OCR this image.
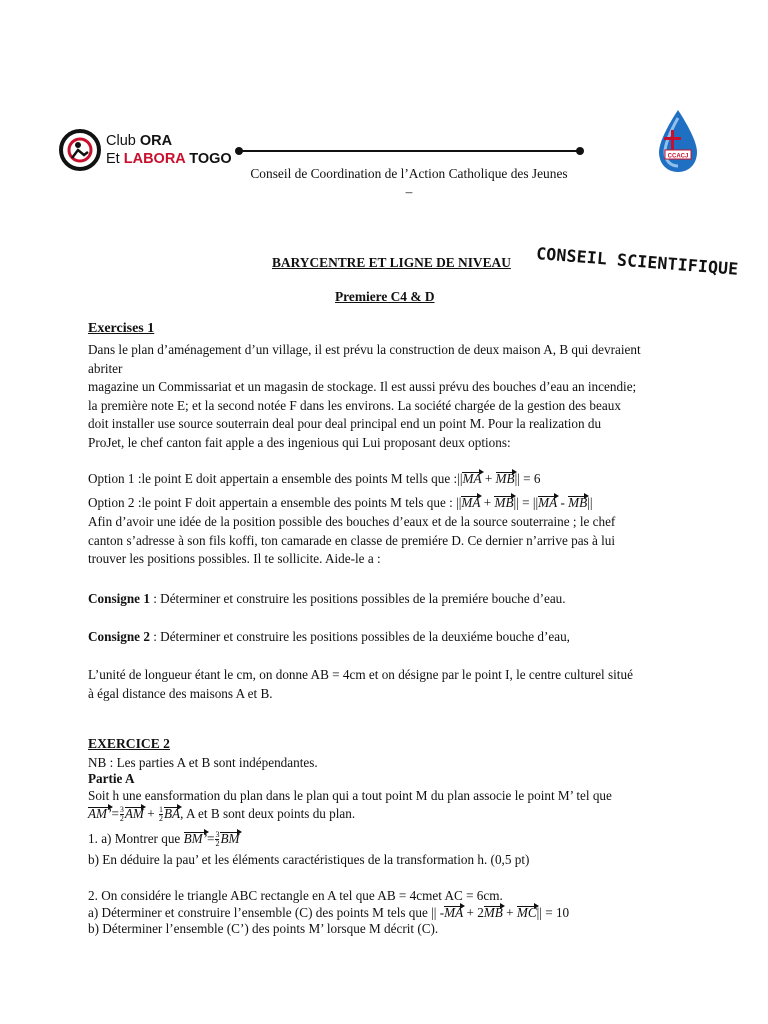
Club ORA
Et LABORA TOGO
Conseil de Coordination de l’Action Catholique des Jeunes
–
CCACJ
BARYCENTRE ET LIGNE DE NIVEAU CONSEIL SCIENTIFIQUE
Premiere C4 & D
Exercises 1
Dans le plan d’aménagement d’un village, il est prévu la construction de deux maison A, B qui devraient
abriter
magazine un Commissariat et un magasin de stockage. Il est aussi prévu des bouches d’eau an incendie;
la première note E; et la second notée F dans les environs. La société chargée de la gestion des beaux
doit installer use source souterrain deal pour deal principal end un point M. Pour la realization du
ProJet, le chef canton fait apple a des ingenious qui Lui proposant deux options:
Option 1 :le point E doit appertain a ensemble des points M tells que :||MA + MB|| = 6
Option 2 :le point F doit appertain a ensemble des points M tels que : ||MA + MB|| = ||MA - MB||
Afin d’avoir une idée de la position possible des bouches d’eaux et de la source souterraine ; le chef
canton s’adresse à son fils koffi, ton camarade en classe de premiére D. Ce dernier n’arrive pas à lui
trouver les positions possibles. Il te sollicite. Aide-le a :
Consigne 1 : Déterminer et construire les positions possibles de la premiére bouche d’eau.
Consigne 2 : Déterminer et construire les positions possibles de la deuxiéme bouche d’eau,
L’unité de longueur étant le cm, on donne AB = 4cm et on désigne par le point I, le centre culturel situé
à égal distance des maisons A et B.
EXERCICE 2
NB : Les parties A et B sont indépendantes.
Partie A
Soit h une eansformation du plan dans le plan qui a tout point M du plan associe le point M’ tel que
AM’= $\frac{3}{2}$ AM + $\frac{1}{2}$ BA, A et B sont deux points du plan.
1. a) Montrer que BM’= $\frac{3}{2}$ BM
b) En déduire la pau’ et les éléments caractéristiques de la transformation h. (0,5 pt)
2. On considére le triangle ABC rectangle en A tel que AB = 4cmet AC = 6cm.
a) Déterminer et construire l’ensemble (C) des points M tels que || -MA + 2MB + MC|| = 10
b) Déterminer l’ensemble (C’) des points M’ lorsque M décrit (C).
